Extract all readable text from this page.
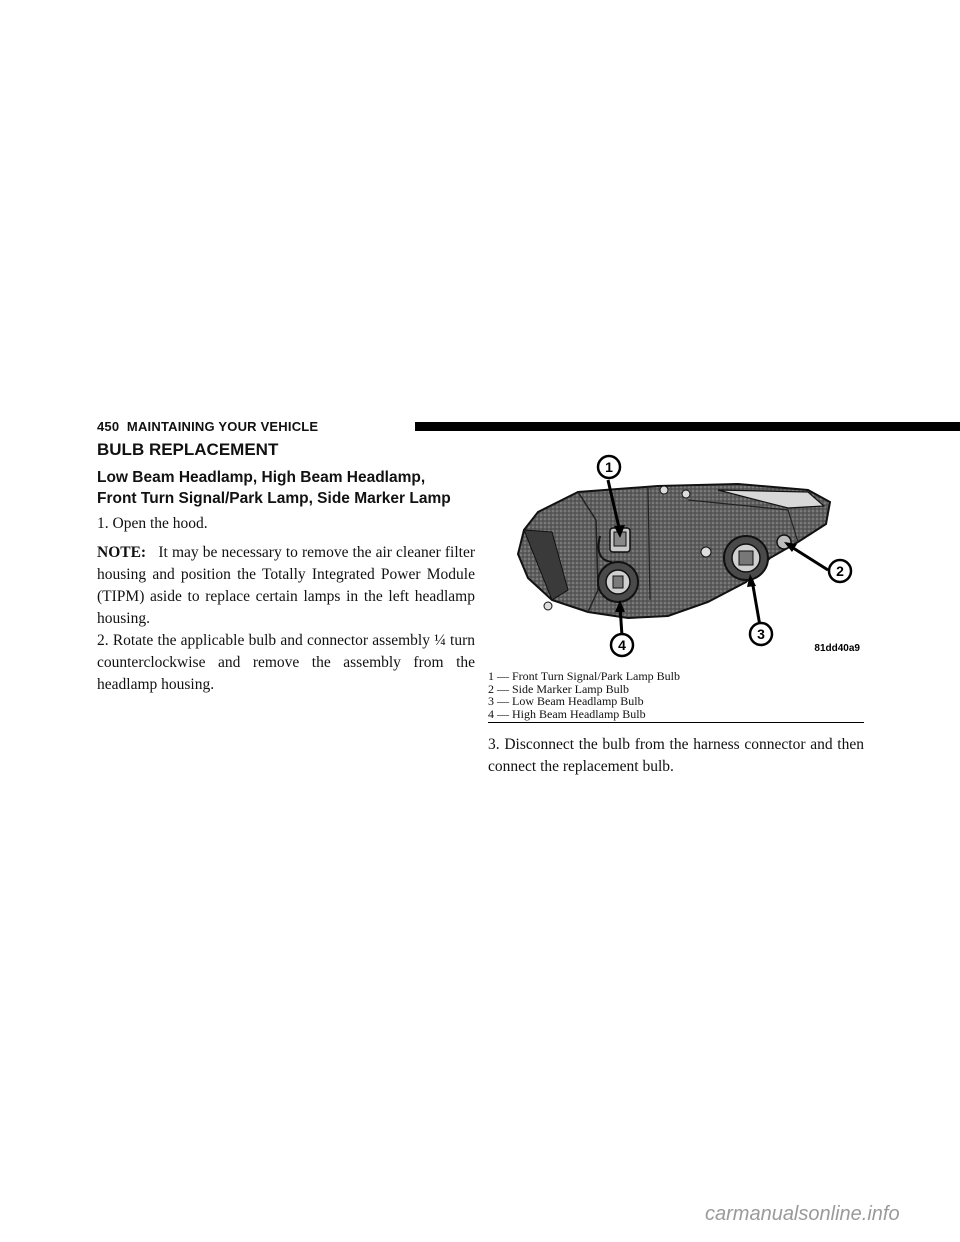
450 MAINTAINING YOUR VEHICLE
BULB REPLACEMENT
Low Beam Headlamp, High Beam Headlamp,
Front Turn Signal/Park Lamp, Side Marker Lamp
1. Open the hood.
NOTE: It may be necessary to remove the air cleaner filter housing and position the Totally Integrated Power Module (TIPM) aside to replace certain lamps in the left headlamp housing.
2. Rotate the applicable bulb and connector assembly ¼ turn counterclockwise and remove the assembly from the headlamp housing.
1
2
3
4	81dd40a9
1 — Front Turn Signal/Park Lamp Bulb
2 — Side Marker Lamp Bulb
3 — Low Beam Headlamp Bulb
4 — High Beam Headlamp Bulb
3. Disconnect the bulb from the harness connector and then connect the replacement bulb.
carmanualsonline.info
